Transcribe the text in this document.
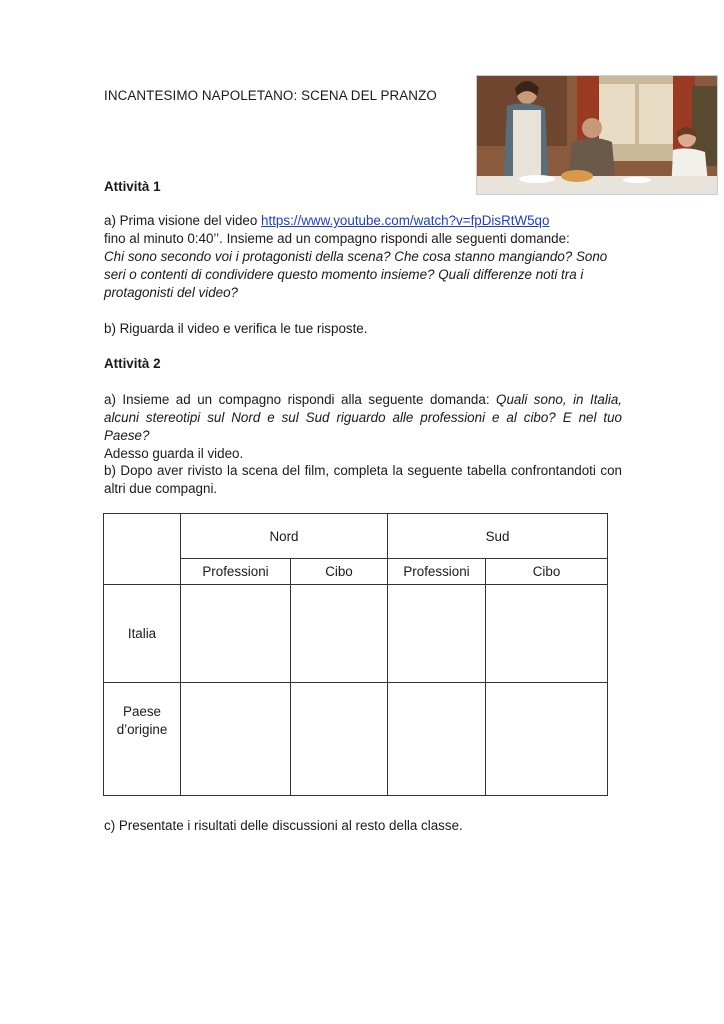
INCANTESIMO NAPOLETANO: SCENA DEL PRANZO
Attività 1
a) Prima visione del video https://www.youtube.com/watch?v=fpDisRtW5qo
fino al minuto 0:40’’. Insieme ad un compagno rispondi alle seguenti domande:

Chi sono secondo voi i protagonisti della scena? Che cosa stanno mangiando? Sono seri o contenti di condividere questo momento insieme? Quali differenze noti tra i protagonisti del video?
b) Riguarda il video e verifica le tue risposte.
Attività 2
a) Insieme ad un compagno rispondi alla seguente domanda: Quali sono, in Italia, alcuni stereotipi sul Nord e sul Sud riguardo alle professioni e al cibo? E nel tuo Paese?
Adesso guarda il video.
b) Dopo aver rivisto la scena del film, completa la seguente tabella confrontandoti con altri due compagni.
	Nord		Sud	
	Professioni	Cibo	Professioni	Cibo
Italia				
Paese
d’origine				
c) Presentate i risultati delle discussioni al resto della classe.
